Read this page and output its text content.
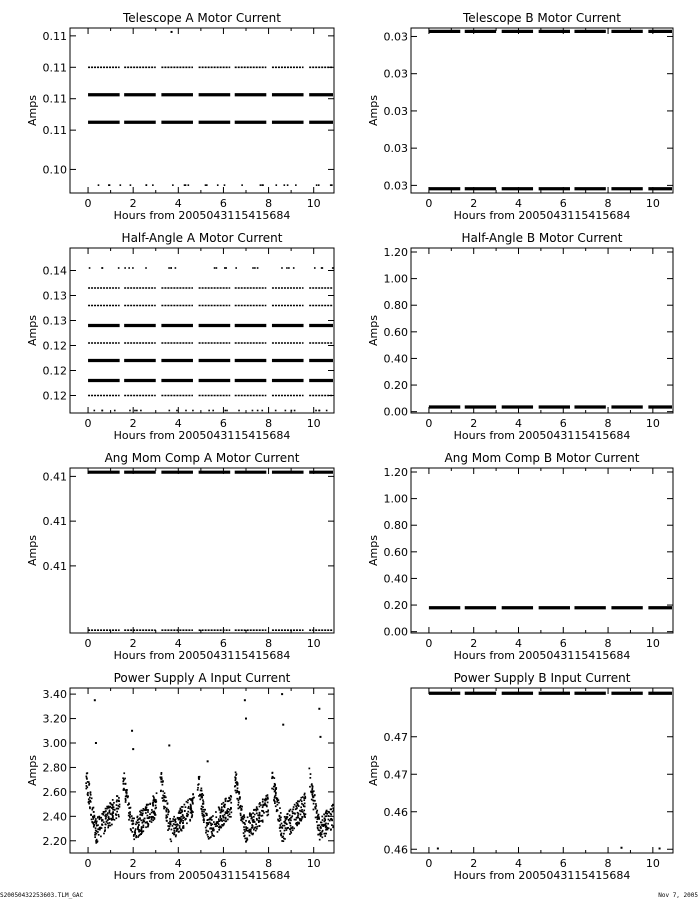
Telescope A Motor Current
0	2	4	6	8	10
Hours from 2005043115415684
0.10
0.11
0.11
0.11
0.11
Amps
Telescope B Motor Current
0	2	4	6	8	10
Hours from 2005043115415684
0.03
0.03
0.03
0.03
0.03
Amps
Half-Angle A Motor Current
0	2	4	6	8	10
Hours from 2005043115415684
0.12
0.12
0.12
0.13
0.13
0.14
Amps
Half-Angle B Motor Current
0	2	4	6	8	10
Hours from 2005043115415684
0.00
0.20
0.40
0.60
0.80
1.00
1.20
Amps
Ang Mom Comp A Motor Current
0	2	4	6	8	10
Hours from 2005043115415684
0.41
0.41
0.41
Amps
Ang Mom Comp B Motor Current
0	2	4	6	8	10
Hours from 2005043115415684
0.00
0.20
0.40
0.60
0.80
1.00
1.20
Amps
Power Supply A Input Current
0	2	4	6	8	10
Hours from 2005043115415684
2.20
2.40
2.60
2.80
3.00
3.20
3.40
Amps
Power Supply B Input Current
0	2	4	6	8	10
Hours from 2005043115415684
0.46
0.46
0.47
0.47
Amps
S20050432253603.TLM_GAC	Nov 7, 2005
